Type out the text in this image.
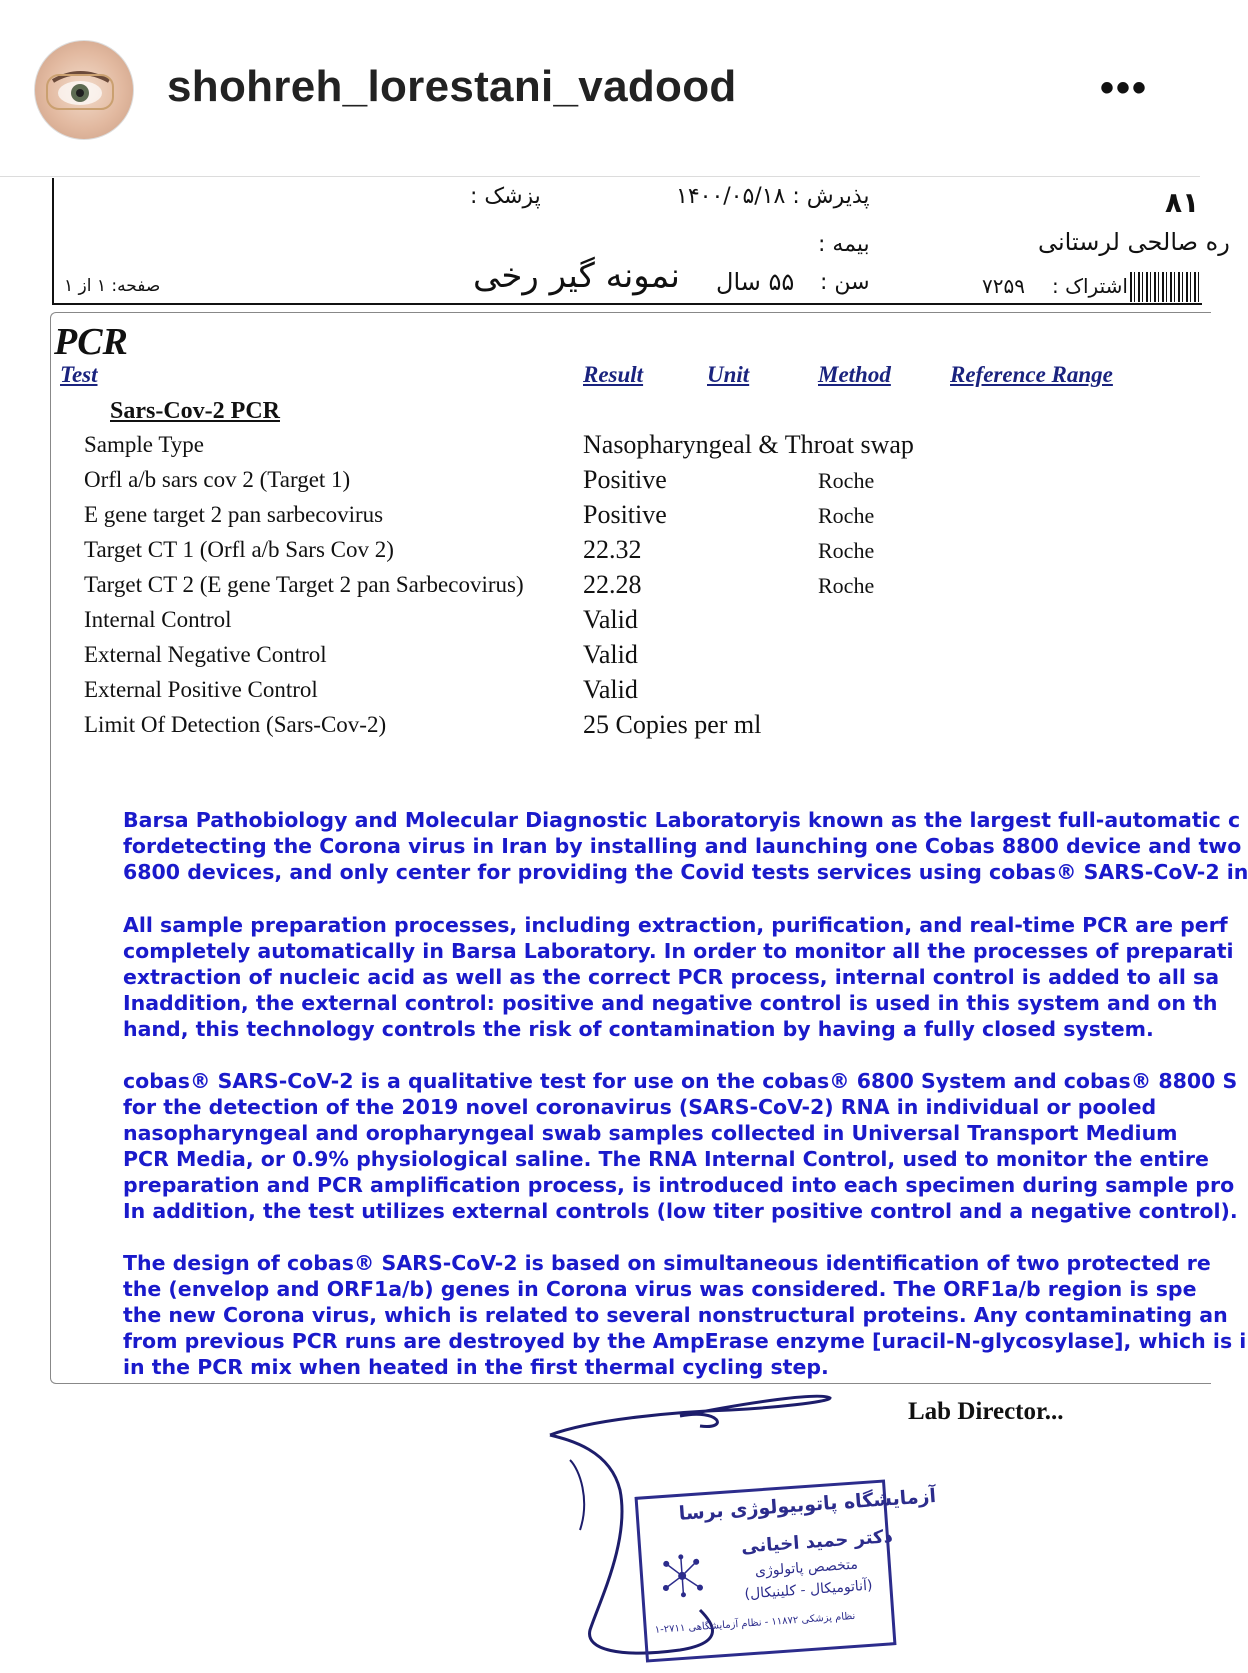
shohreh_lorestani_vadood	•••
پزشک :	پذیرش : ۱۴۰۰/۰۵/۱۸	۸۱
بیمه :	ره صالحی لرستانی
صفحه: ۱ از ۱	نمونه گیر رخی	سن :
۵۵ سال	اشتراک :
۷۲۵۹
PCR
Test	Result	Unit	Method	Reference Range
Sars-Cov-2 PCR
Sample Type	Nasopharyngeal & Throat swap
Orfl a/b sars cov 2 (Target 1)	Positive	Roche
E gene target 2 pan sarbecovirus	Positive	Roche
Target CT 1 (Orfl a/b Sars Cov 2)	22.32	Roche
Target CT 2 (E gene Target 2 pan Sarbecovirus) 22.28	Roche
Internal Control	Valid
External Negative Control	Valid
External Positive Control	Valid
Limit Of Detection (Sars-Cov-2)	25 Copies per ml
Barsa Pathobiology and Molecular Diagnostic Laboratoryis known as the largest full-automatic c
fordetecting the Corona virus in Iran by installing and launching one Cobas 8800 device and two
6800 devices, and only center for providing the Covid tests services using cobas® SARS-CoV-2 in
All sample preparation processes, including extraction, purification, and real-time PCR are perf
completely automatically in Barsa Laboratory. In order to monitor all the processes of preparati
extraction of nucleic acid as well as the correct PCR process, internal control is added to all sa
Inaddition, the external control: positive and negative control is used in this system and on th
hand, this technology controls the risk of contamination by having a fully closed system.
cobas® SARS-CoV-2 is a qualitative test for use on the cobas® 6800 System and cobas® 8800 S
for the detection of the 2019 novel coronavirus (SARS-CoV-2) RNA in individual or pooled
nasopharyngeal and oropharyngeal swab samples collected in Universal Transport Medium
PCR Media, or 0.9% physiological saline. The RNA Internal Control, used to monitor the entire
preparation and PCR amplification process, is introduced into each specimen during sample pro
In addition, the test utilizes external controls (low titer positive control and a negative control).
The design of cobas® SARS-CoV-2 is based on simultaneous identification of two protected re
the (envelop and ORF1a/b) genes in Corona virus was considered. The ORF1a/b region is spe
the new Corona virus, which is related to several nonstructural proteins. Any contaminating an
from previous PCR runs are destroyed by the AmpErase enzyme [uracil-N-glycosylase], which is i
in the PCR mix when heated in the first thermal cycling step.
Lab Director...
آزمایشگاه پاتوبیولوژی برسا
دکتر حمید اخیانی
متخصص پاتولوژی
(آناتومیکال - کلینیکال)
نظام پزشکی ۱۱۸۷۲ - نظام آزمایشگاهی ۲۷۱۱-۱
